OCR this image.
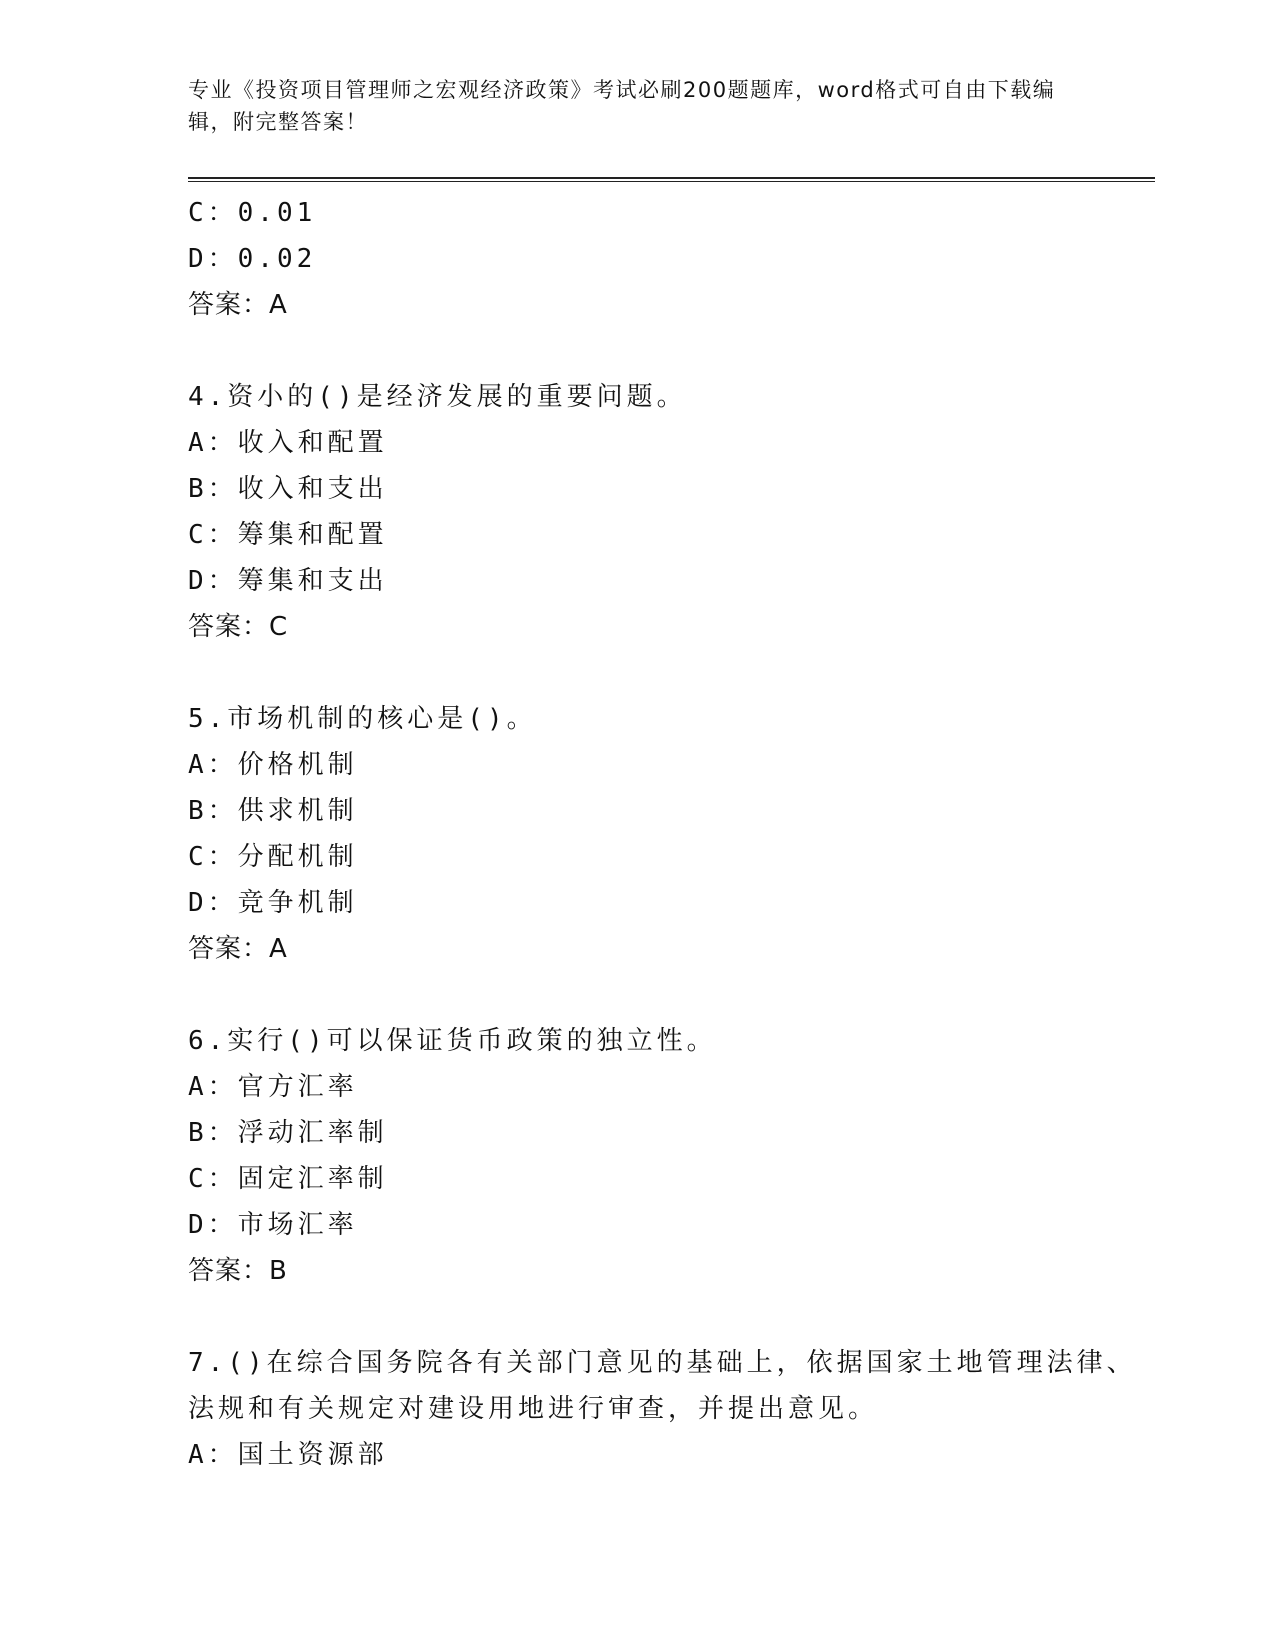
专业《投资项目管理师之宏观经济政策》考试必刷200题题库，word格式可自由下载编辑，附完整答案！
C：0.01
D：0.02
答案：A
4.资小的()是经济发展的重要问题。
A：收入和配置
B：收入和支出
C：筹集和配置
D：筹集和支出
答案：C
5.市场机制的核心是()。
A：价格机制
B：供求机制
C：分配机制
D：竞争机制
答案：A
6.实行()可以保证货币政策的独立性。
A：官方汇率
B：浮动汇率制
C：固定汇率制
D：市场汇率
答案：B
7.()在综合国务院各有关部门意见的基础上，依据国家土地管理法律、法规和有关规定对建设用地进行审查，并提出意见。
A：国土资源部
